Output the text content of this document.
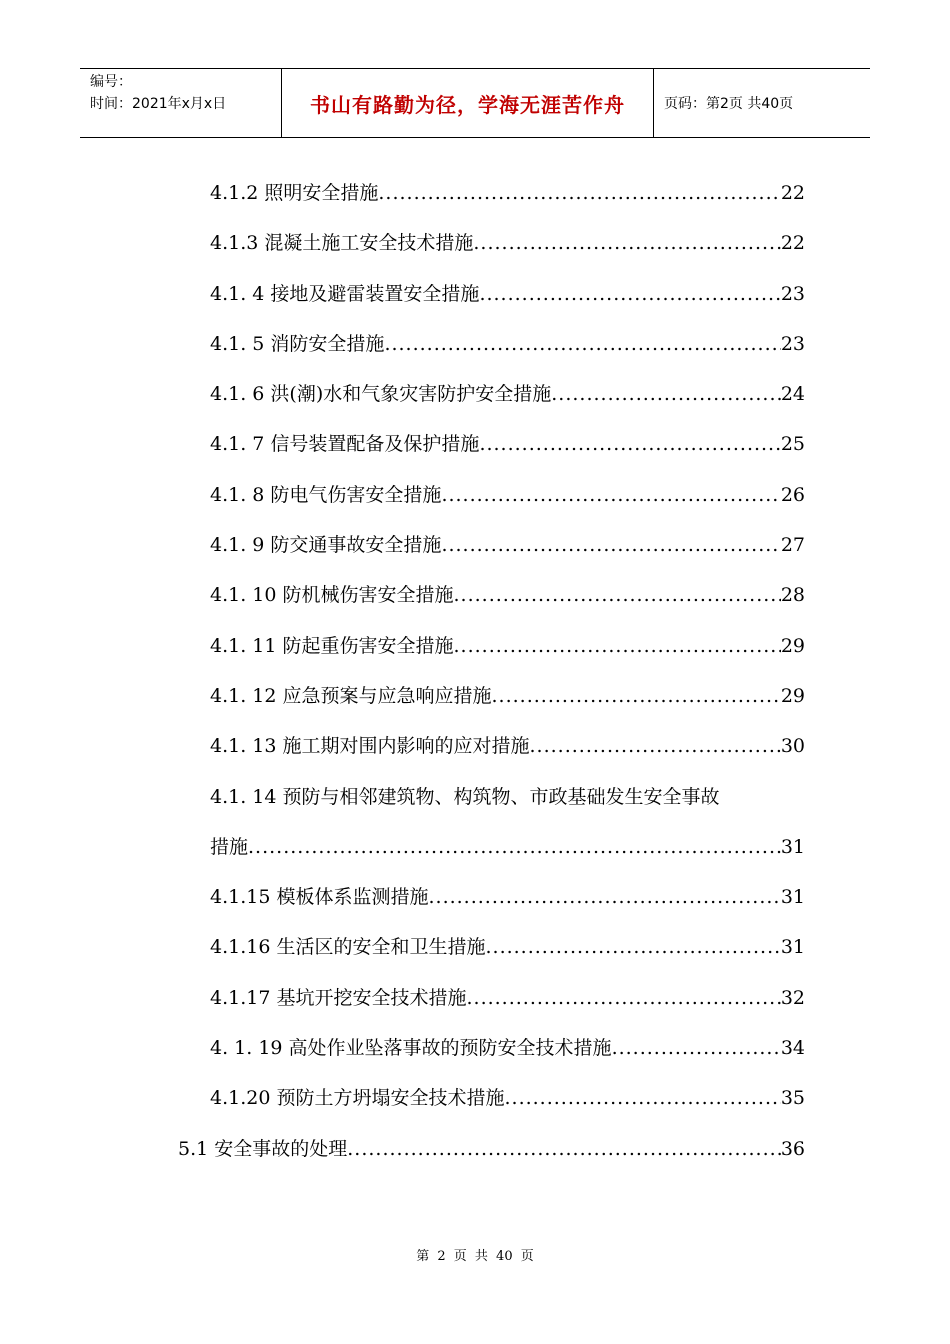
编号：
时间：2021年x月x日	书山有路勤为径，学海无涯苦作舟	页码：第2页 共40页
4.1.2 照明安全措施 .....	22
4.1.3 混凝土施工安全技术措施 .....	22
4.1. 4 接地及避雷装置安全措施 .....	23
4.1. 5 消防安全措施 .....	23
4.1. 6 洪(潮)水和气象灾害防护安全措施 .....	24
4.1. 7 信号装置配备及保护措施 .....	25
4.1. 8 防电气伤害安全措施 .....	26
4.1. 9 防交通事故安全措施 .....	27
4.1. 10 防机械伤害安全措施 .....	28
4.1. 11 防起重伤害安全措施 .....	29
4.1. 12 应急预案与应急响应措施 .....	29
4.1. 13 施工期对围内影响的应对措施 .....	30
4.1. 14 预防与相邻建筑物、构筑物、市政基础发生安全事故
措施 .....	31
4.1.15 模板体系监测措施 .....	31
4.1.16 生活区的安全和卫生措施 .....	31
4.1.17 基坑开挖安全技术措施 .....	32
4. 1. 19 高处作业坠落事故的预防安全技术措施 .....	34
4.1.20 预防土方坍塌安全技术措施 .....	35
5.1 安全事故的处理 .....	36
第 2 页 共 40 页
